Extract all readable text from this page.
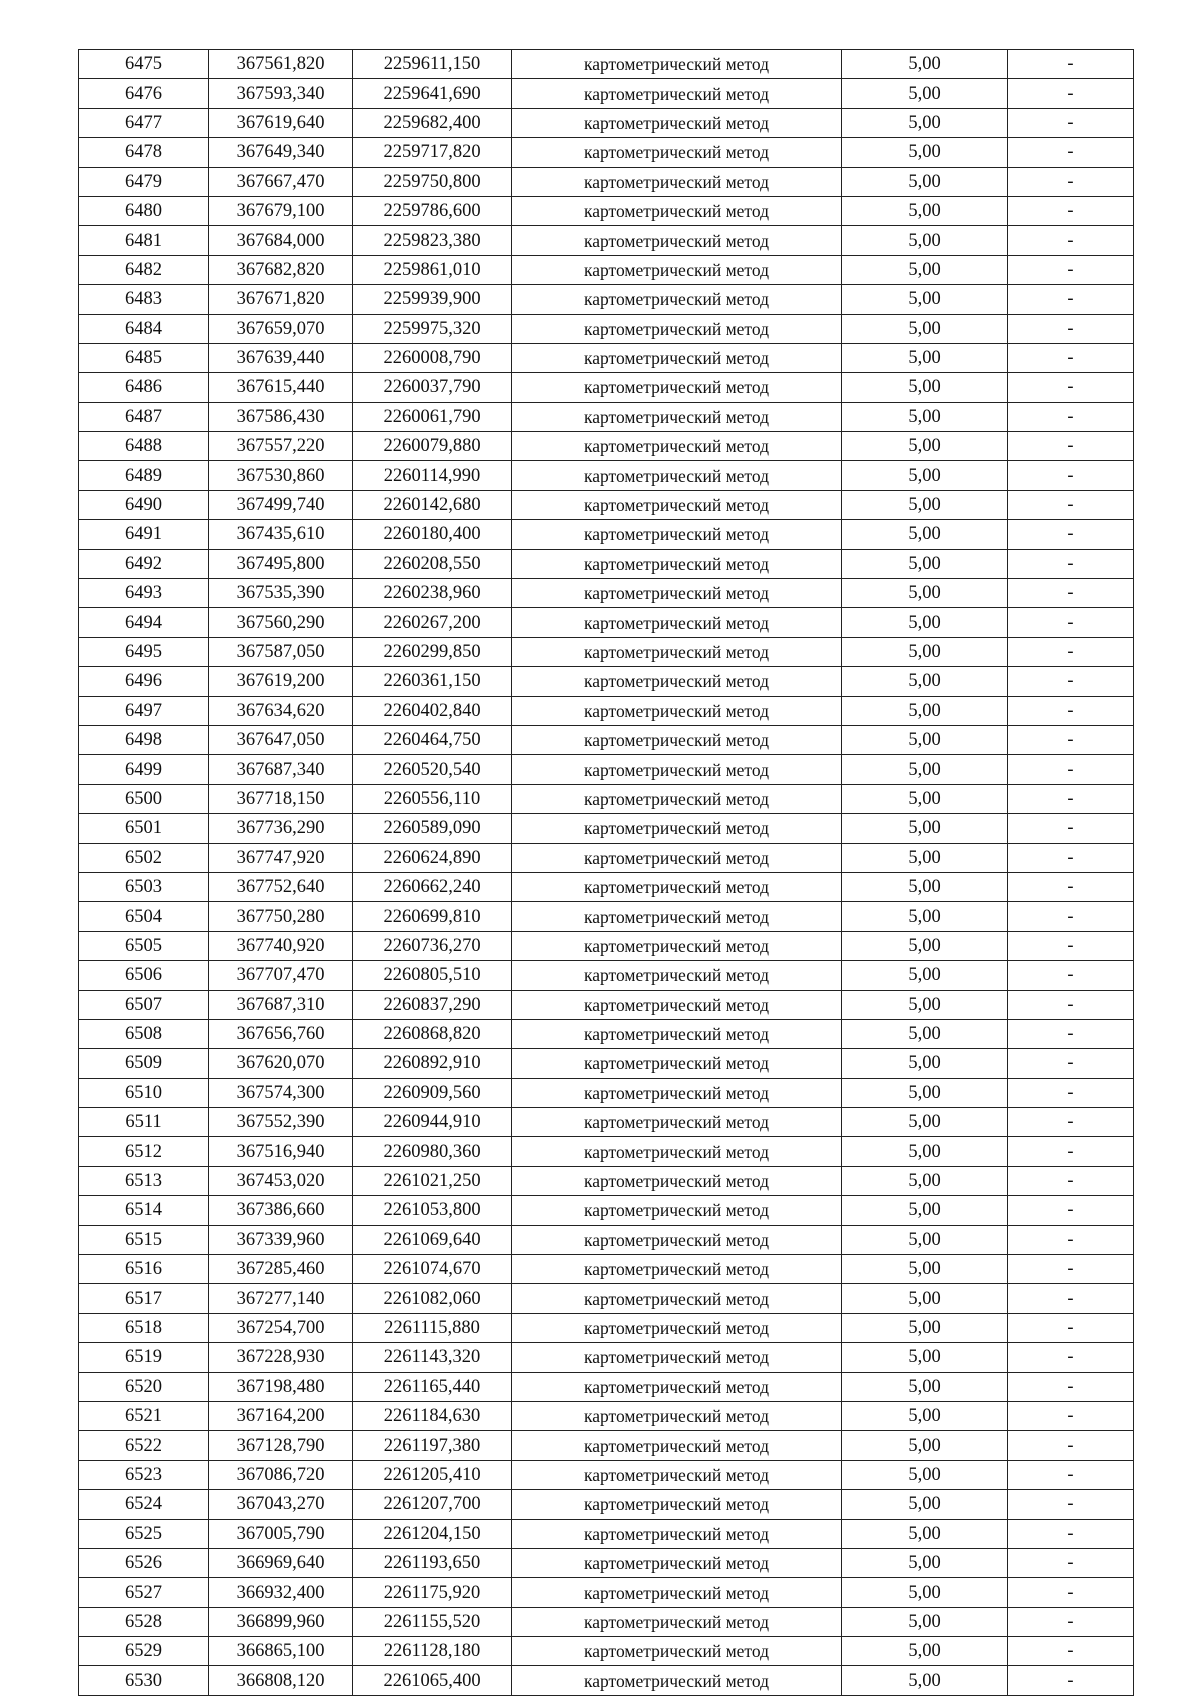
6475	367561,820	2259611,150	картометрический метод	5,00	-
6476	367593,340	2259641,690	картометрический метод	5,00	-
6477	367619,640	2259682,400	картометрический метод	5,00	-
6478	367649,340	2259717,820	картометрический метод	5,00	-
6479	367667,470	2259750,800	картометрический метод	5,00	-
6480	367679,100	2259786,600	картометрический метод	5,00	-
6481	367684,000	2259823,380	картометрический метод	5,00	-
6482	367682,820	2259861,010	картометрический метод	5,00	-
6483	367671,820	2259939,900	картометрический метод	5,00	-
6484	367659,070	2259975,320	картометрический метод	5,00	-
6485	367639,440	2260008,790	картометрический метод	5,00	-
6486	367615,440	2260037,790	картометрический метод	5,00	-
6487	367586,430	2260061,790	картометрический метод	5,00	-
6488	367557,220	2260079,880	картометрический метод	5,00	-
6489	367530,860	2260114,990	картометрический метод	5,00	-
6490	367499,740	2260142,680	картометрический метод	5,00	-
6491	367435,610	2260180,400	картометрический метод	5,00	-
6492	367495,800	2260208,550	картометрический метод	5,00	-
6493	367535,390	2260238,960	картометрический метод	5,00	-
6494	367560,290	2260267,200	картометрический метод	5,00	-
6495	367587,050	2260299,850	картометрический метод	5,00	-
6496	367619,200	2260361,150	картометрический метод	5,00	-
6497	367634,620	2260402,840	картометрический метод	5,00	-
6498	367647,050	2260464,750	картометрический метод	5,00	-
6499	367687,340	2260520,540	картометрический метод	5,00	-
6500	367718,150	2260556,110	картометрический метод	5,00	-
6501	367736,290	2260589,090	картометрический метод	5,00	-
6502	367747,920	2260624,890	картометрический метод	5,00	-
6503	367752,640	2260662,240	картометрический метод	5,00	-
6504	367750,280	2260699,810	картометрический метод	5,00	-
6505	367740,920	2260736,270	картометрический метод	5,00	-
6506	367707,470	2260805,510	картометрический метод	5,00	-
6507	367687,310	2260837,290	картометрический метод	5,00	-
6508	367656,760	2260868,820	картометрический метод	5,00	-
6509	367620,070	2260892,910	картометрический метод	5,00	-
6510	367574,300	2260909,560	картометрический метод	5,00	-
6511	367552,390	2260944,910	картометрический метод	5,00	-
6512	367516,940	2260980,360	картометрический метод	5,00	-
6513	367453,020	2261021,250	картометрический метод	5,00	-
6514	367386,660	2261053,800	картометрический метод	5,00	-
6515	367339,960	2261069,640	картометрический метод	5,00	-
6516	367285,460	2261074,670	картометрический метод	5,00	-
6517	367277,140	2261082,060	картометрический метод	5,00	-
6518	367254,700	2261115,880	картометрический метод	5,00	-
6519	367228,930	2261143,320	картометрический метод	5,00	-
6520	367198,480	2261165,440	картометрический метод	5,00	-
6521	367164,200	2261184,630	картометрический метод	5,00	-
6522	367128,790	2261197,380	картометрический метод	5,00	-
6523	367086,720	2261205,410	картометрический метод	5,00	-
6524	367043,270	2261207,700	картометрический метод	5,00	-
6525	367005,790	2261204,150	картометрический метод	5,00	-
6526	366969,640	2261193,650	картометрический метод	5,00	-
6527	366932,400	2261175,920	картометрический метод	5,00	-
6528	366899,960	2261155,520	картометрический метод	5,00	-
6529	366865,100	2261128,180	картометрический метод	5,00	-
6530	366808,120	2261065,400	картометрический метод	5,00	-
